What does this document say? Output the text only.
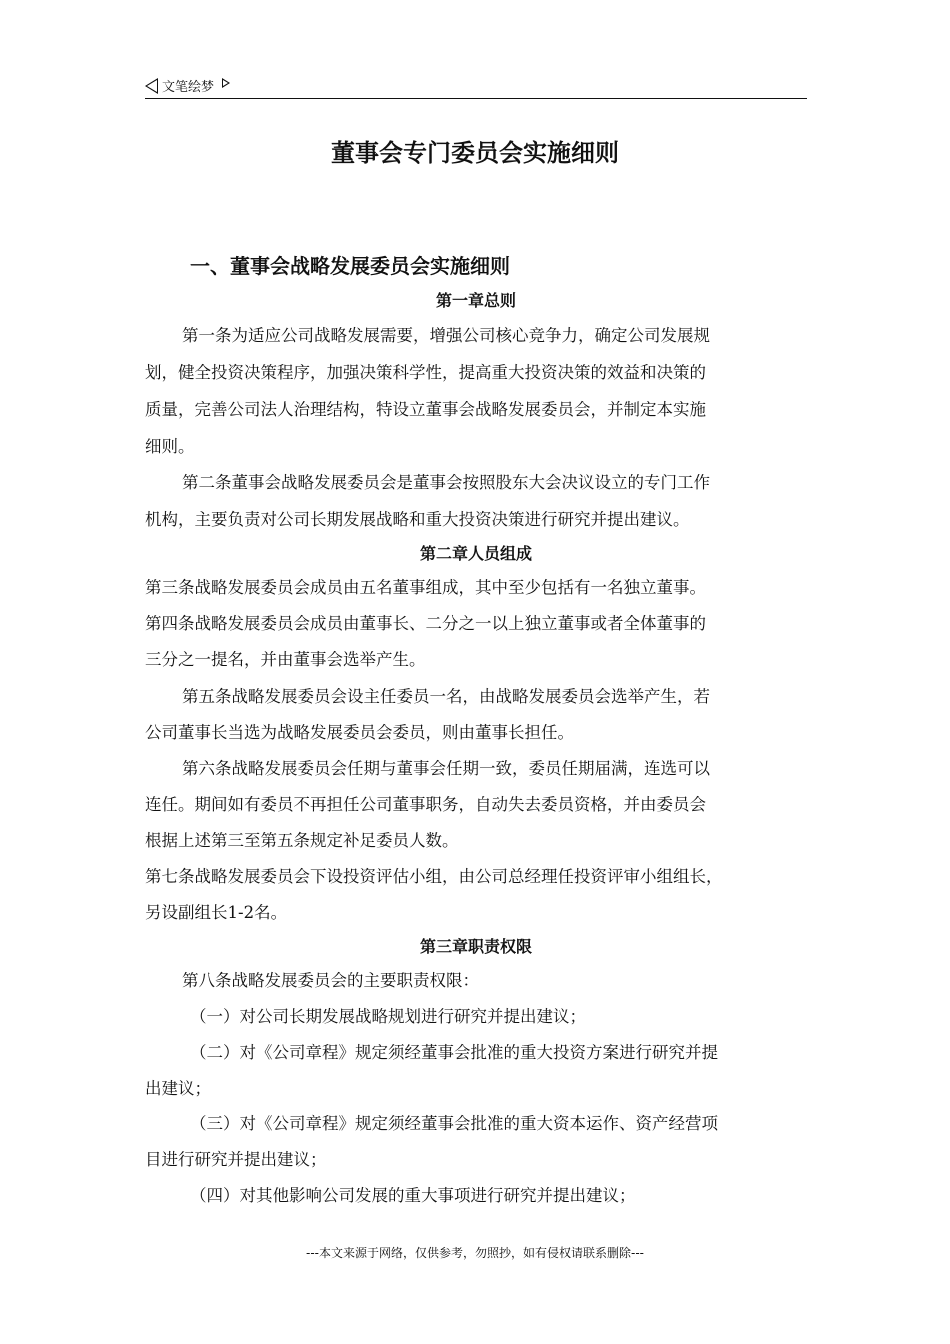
文笔绘梦
董事会专门委员会实施细则
一、董事会战略发展委员会实施细则
第一章总则
第一条为适应公司战略发展需要，增强公司核心竞争力，确定公司发展规
划，健全投资决策程序，加强决策科学性，提高重大投资决策的效益和决策的
质量，完善公司法人治理结构，特设立董事会战略发展委员会，并制定本实施
细则。
第二条董事会战略发展委员会是董事会按照股东大会决议设立的专门工作
机构，主要负责对公司长期发展战略和重大投资决策进行研究并提出建议。
第二章人员组成
第三条战略发展委员会成员由五名董事组成，其中至少包括有一名独立董事。
第四条战略发展委员会成员由董事长、二分之一以上独立董事或者全体董事的
三分之一提名，并由董事会选举产生。
第五条战略发展委员会设主任委员一名，由战略发展委员会选举产生，若
公司董事长当选为战略发展委员会委员，则由董事长担任。
第六条战略发展委员会任期与董事会任期一致，委员任期届满，连选可以
连任。期间如有委员不再担任公司董事职务，自动失去委员资格，并由委员会
根据上述第三至第五条规定补足委员人数。
第七条战略发展委员会下设投资评估小组，由公司总经理任投资评审小组组长，
另设副组长1-2名。
第三章职责权限
第八条战略发展委员会的主要职责权限：
（一）对公司长期发展战略规划进行研究并提出建议；
（二）对《公司章程》规定须经董事会批准的重大投资方案进行研究并提
出建议；
（三）对《公司章程》规定须经董事会批准的重大资本运作、资产经营项
目进行研究并提出建议；
（四）对其他影响公司发展的重大事项进行研究并提出建议；
---本文来源于网络，仅供参考，勿照抄，如有侵权请联系删除---
